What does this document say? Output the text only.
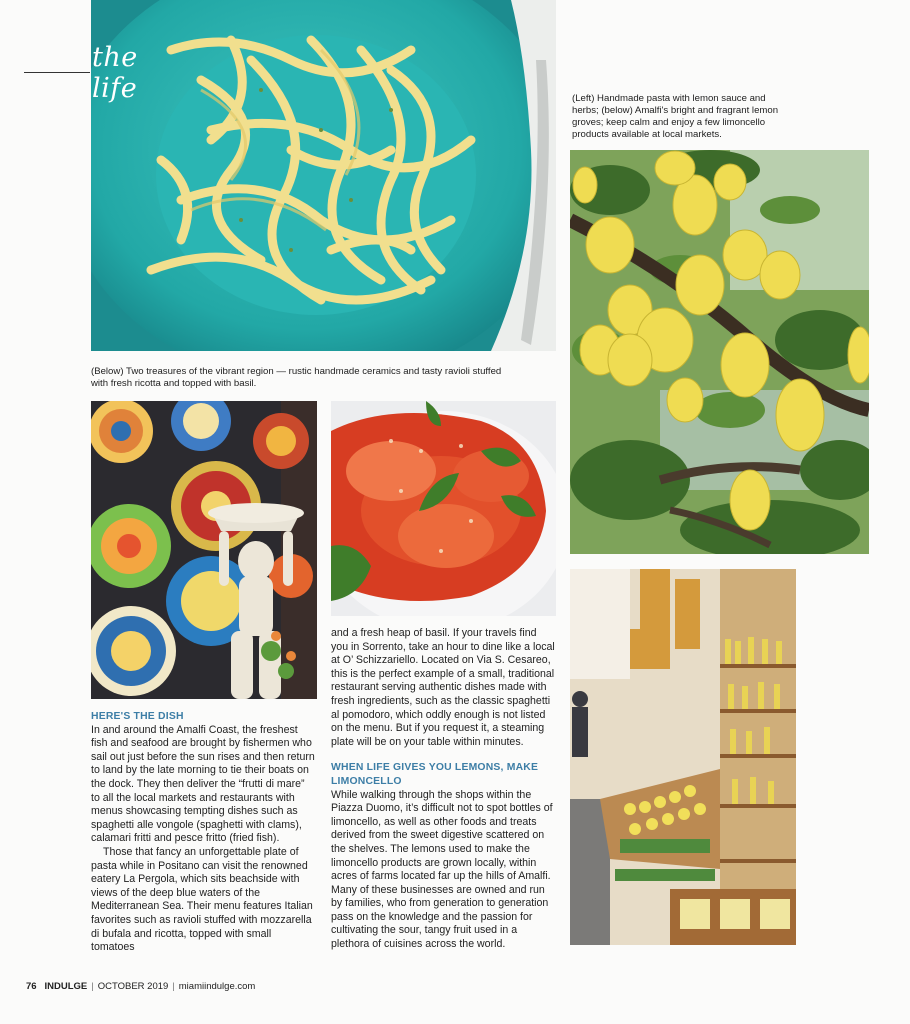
the life	(Left) Handmade pasta with lemon sauce and herbs; (below) Amalfi's bright and fragrant lemon groves; keep calm and enjoy a few limoncello products available at local markets.
(Below) Two treasures of the vibrant region — rustic handmade ceramics and tasty ravioli stuffed with fresh ricotta and topped with basil.
HERE'S THE DISH

In and around the Amalfi Coast, the freshest fish and seafood are brought by fishermen who sail out just before the sun rises and then return to land by the late morning to tie their boats on the dock. They then deliver the “frutti di mare” to all the local markets and restaurants with menus showcasing tempting dishes such as spaghetti alle vongole (spaghetti with clams), calamari fritti and pesce fritto (fried fish).

Those that fancy an unforgettable plate of pasta while in Positano can visit the renowned eatery La Pergola, which sits beachside with views of the deep blue waters of the Mediterranean Sea. Their menu features Italian favorites such as ravioli stuffed with mozzarella di bufala and ricotta, topped with small tomatoes

and a fresh heap of basil. If your travels find you in Sorrento, take an hour to dine like a local at O’ Schizzariello. Located on Via S. Cesareo, this is the perfect example of a small, traditional restaurant serving authentic dishes made with fresh ingredients, such as the classic spaghetti al pomodoro, which oddly enough is not listed on the menu. But if you request it, a steaming plate will be on your table within minutes.

WHEN LIFE GIVES YOU LEMONS, MAKE LIMONCELLO

While walking through the shops within the Piazza Duomo, it’s difficult not to spot bottles of limoncello, as well as other foods and treats derived from the sweet digestive scattered on the shelves. The lemons used to make the limoncello products are grown locally, within acres of farms located far up the hills of Amalfi. Many of these businesses are owned and run by families, who from generation to generation pass on the knowledge and the passion for cultivating the sour, tangy fruit used in a plethora of cuisines across the world.

76 INDULGE | OCTOBER 2019 | miamiindulge.com
